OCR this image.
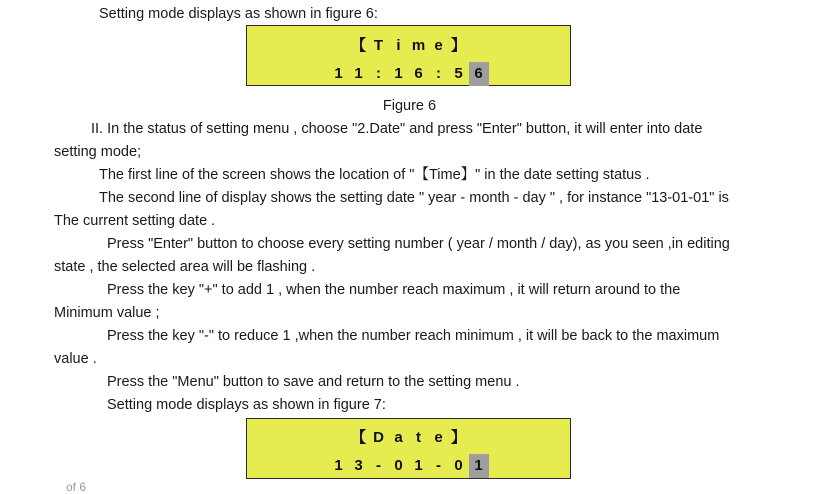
Setting mode displays as shown in figure 6:
【 T i m e 】
1 1 : 1 6 : 5 6
Figure 6
II. In the status of setting menu , choose "2.Date" and press "Enter" button, it will enter into date
setting mode;
The first line of the screen shows the location of "【Time】" in the date setting status .
The second line of display shows the setting date " year - month - day " , for instance "13-01-01" is
The current setting date .
Press "Enter" button to choose every setting number ( year / month / day), as you seen ,in editing
state , the selected area will be flashing .
Press the key "+" to add 1 , when the number reach maximum , it will return around to the
Minimum value ;
Press the key "-" to reduce 1 ,when the number reach minimum , it will be back to the maximum
value .
Press the "Menu" button to save and return to the setting menu .
Setting mode displays as shown in figure 7:
【 D a t e 】
1 3 - 0 1 - 0 1
of 6
